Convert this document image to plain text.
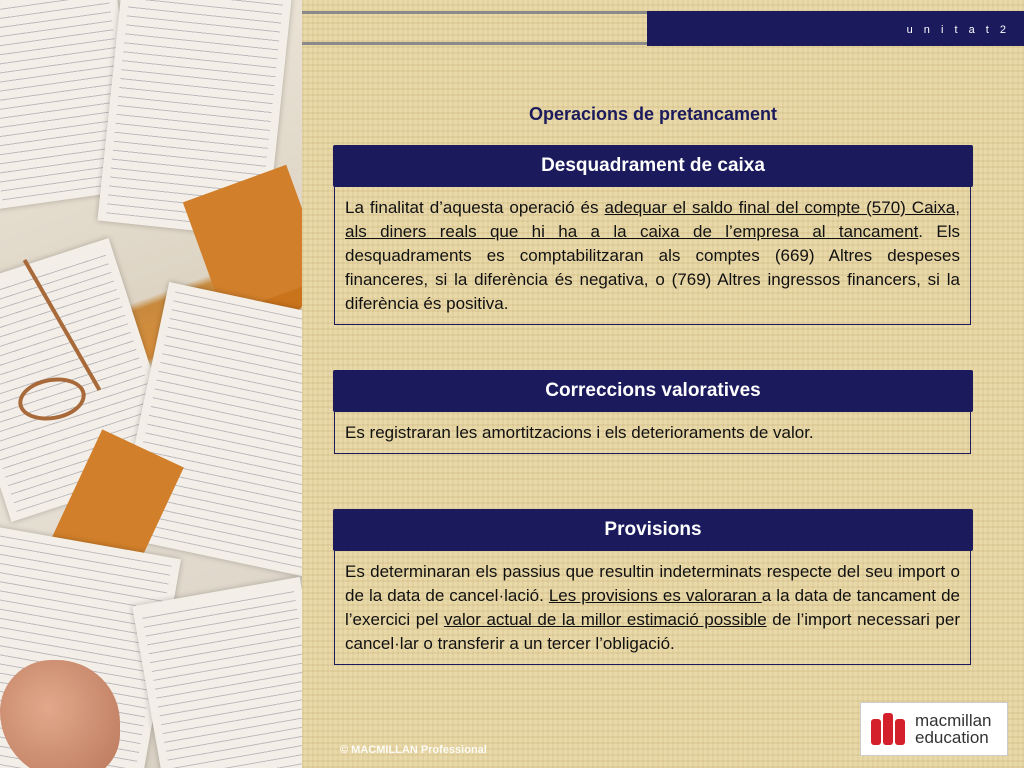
u n i t a t 2
Operacions de pretancament
Desquadrament de caixa
La finalitat d’aquesta operació és adequar el saldo final del compte (570) Caixa, als diners reals que hi ha a la caixa de l’empresa al tancament. Els desquadraments es comptabilitzaran als comptes (669) Altres despeses financeres, si la diferència és negativa, o (769) Altres ingressos financers, si la diferència és positiva.
Correccions valoratives
Es registraran les amortitzacions i els deterioraments de valor.
Provisions
Es determinaran els passius que resultin indeterminats respecte del seu import o de la data de cancel·lació. Les provisions es valoraran a la data de tancament de l’exercici pel valor actual de la millor estimació possible de l’import necessari per cancel·lar o transferir a un tercer l’obligació.
© MACMILLAN Professional
macmillan
education
